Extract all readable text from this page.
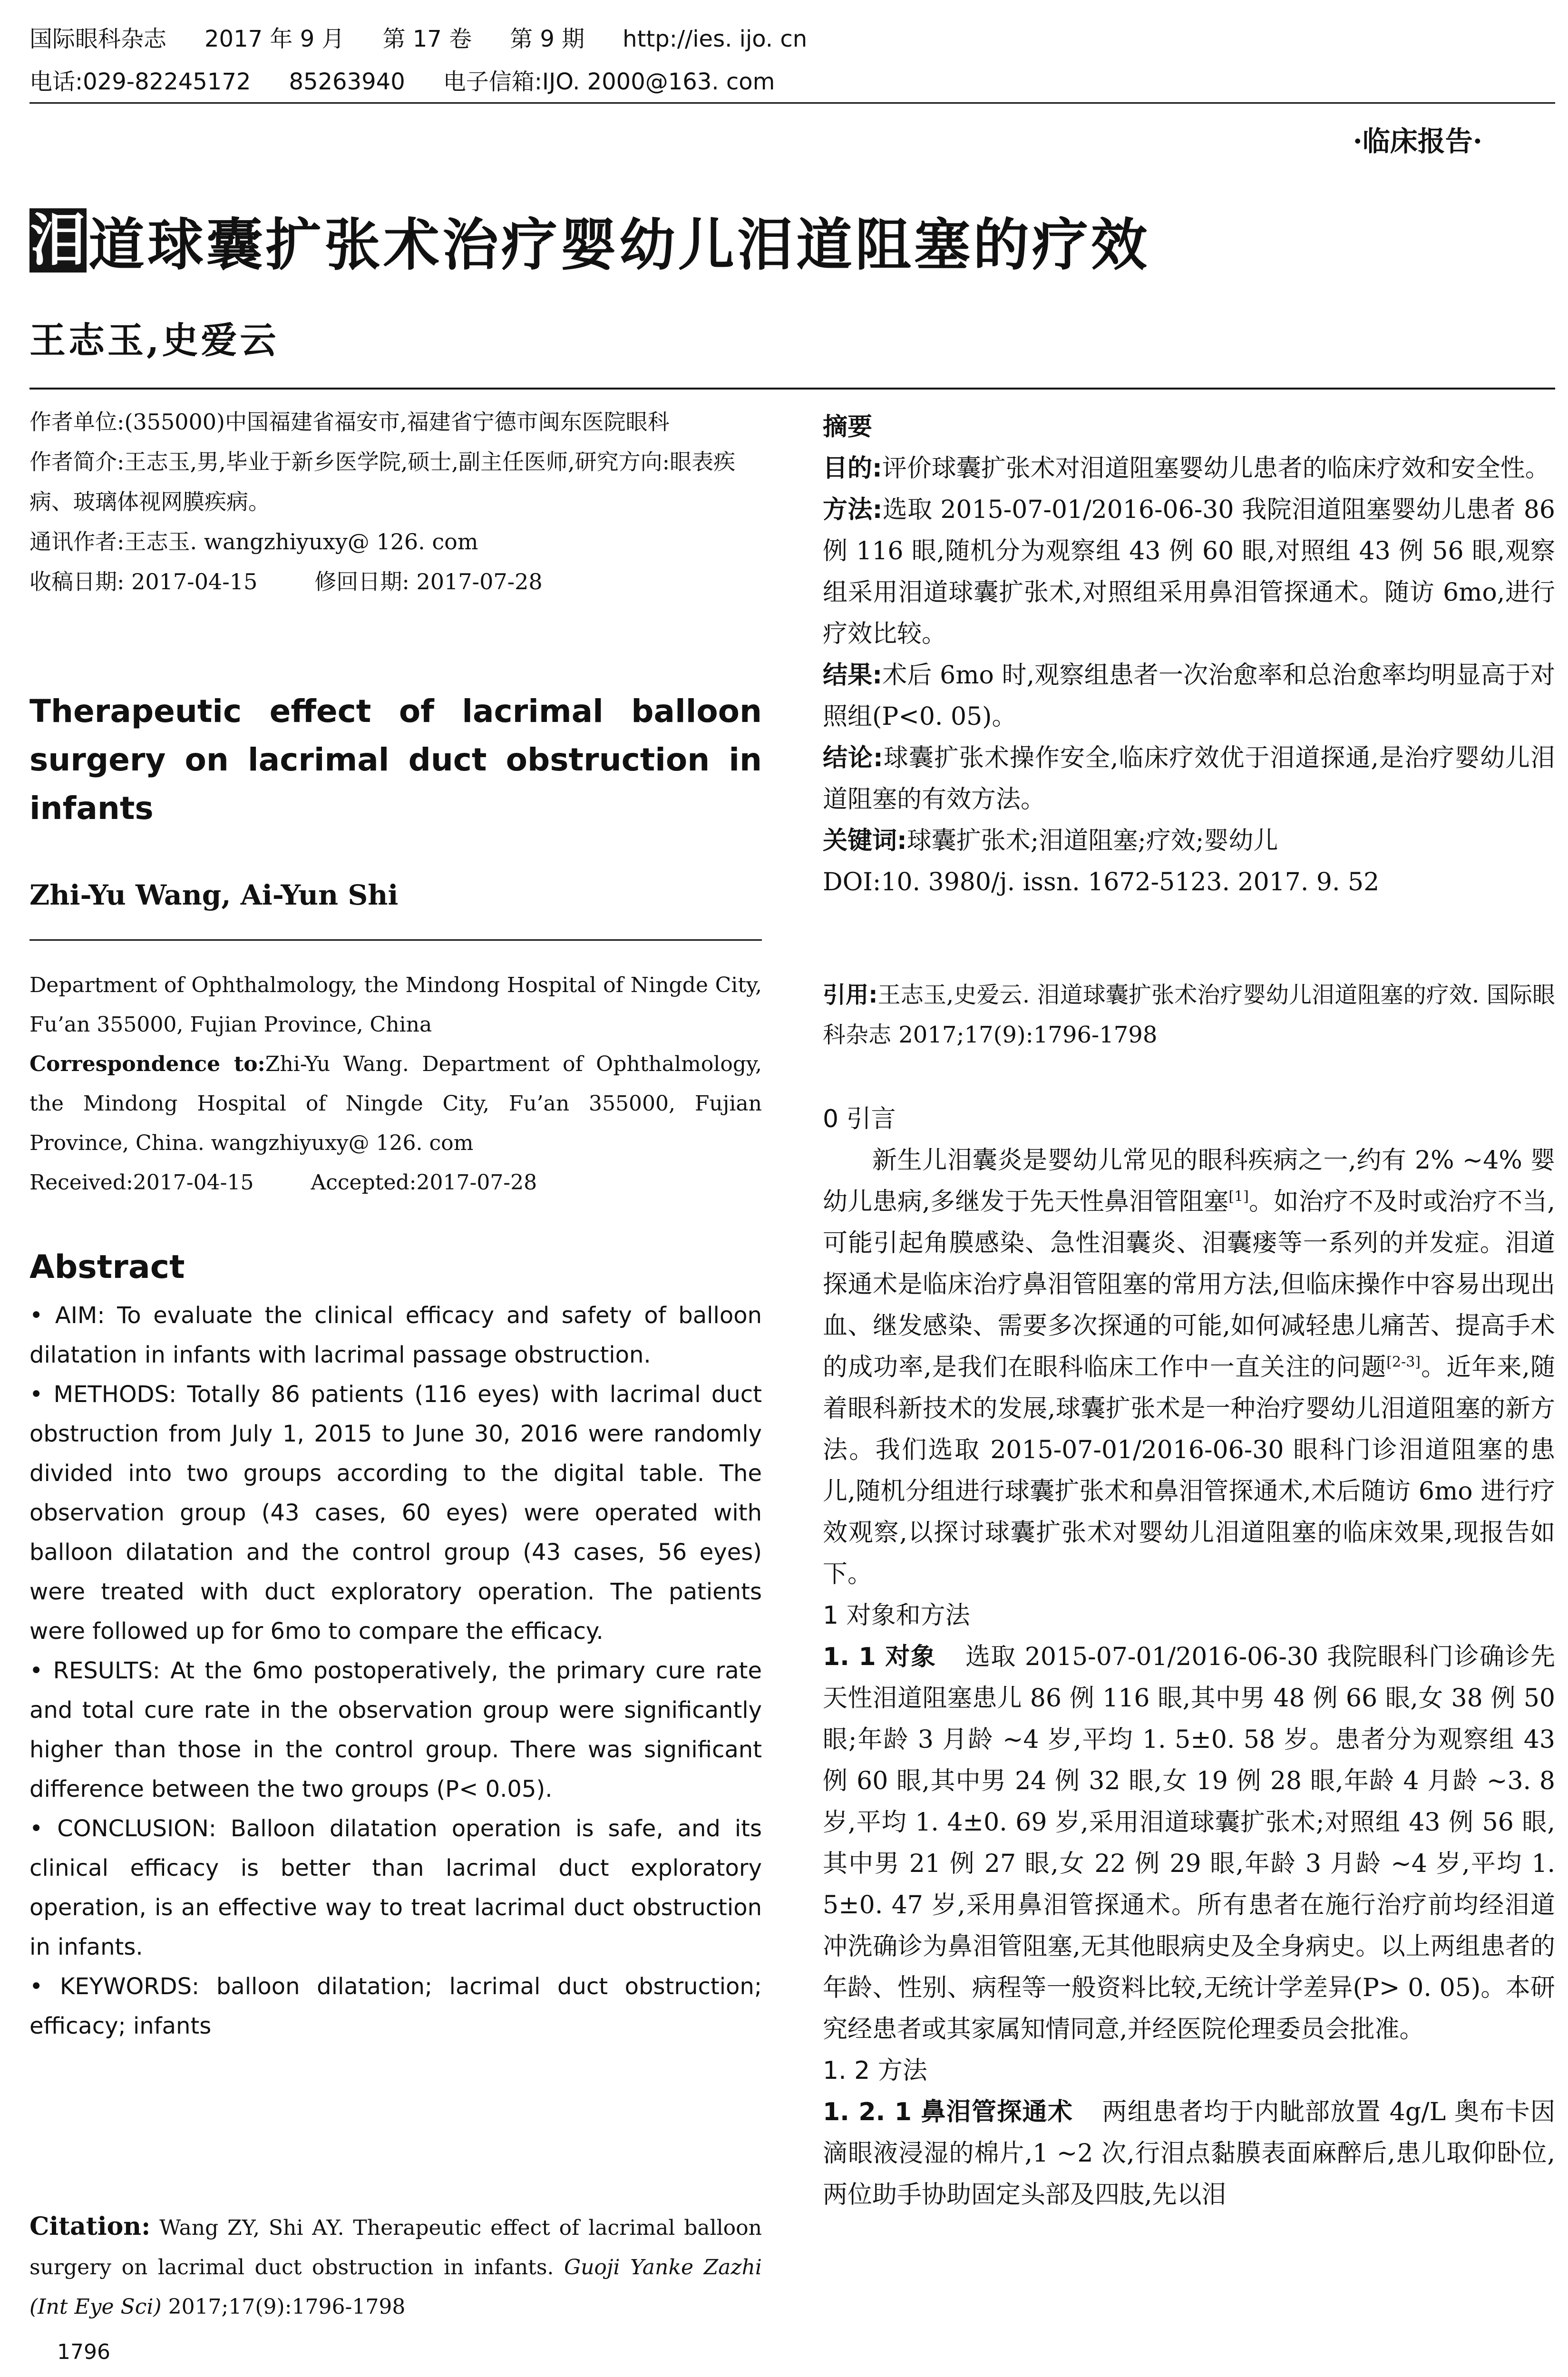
国际眼科杂志 2017 年 9 月 第 17 卷 第 9 期 http://ies. ijo. cn
电话:029-82245172 85263940 电子信箱:IJO. 2000@163. com
·临床报告·
泪 道球囊扩张术治疗婴幼儿泪道阻塞的疗效
王志玉,史爱云

作者单位:(355000)中国福建省福安市,福建省宁德市闽东医院眼科

作者简介:王志玉,男,毕业于新乡医学院,硕士,副主任医师,研究方向:眼表疾病、玻璃体视网膜疾病。

通讯作者:王志玉. wangzhiyuxy@ 126. com

收稿日期: 2017-04-15	修回日期: 2017-07-28

Therapeutic effect of lacrimal balloon surgery on lacrimal duct obstruction in infants
Zhi-Yu Wang, Ai-Yun Shi

Department of Ophthalmology, the Mindong Hospital of Ningde City, Fu’an 355000, Fujian Province, China

Correspondence to:Zhi-Yu Wang. Department of Ophthalmology, the Mindong Hospital of Ningde City, Fu’an 355000, Fujian Province, China. wangzhiyuxy@ 126. com

Received:2017-04-15	Accepted:2017-07-28

Abstract

• AIM: To evaluate the clinical efficacy and safety of balloon dilatation in infants with lacrimal passage obstruction.

• METHODS: Totally 86 patients (116 eyes) with lacrimal duct obstruction from July 1, 2015 to June 30, 2016 were randomly divided into two groups according to the digital table. The observation group (43 cases, 60 eyes) were operated with balloon dilatation and the control group (43 cases, 56 eyes) were treated with duct exploratory operation. The patients were followed up for 6mo to compare the efficacy.

• RESULTS: At the 6mo postoperatively, the primary cure rate and total cure rate in the observation group were significantly higher than those in the control group. There was significant difference between the two groups (P< 0.05).

• CONCLUSION: Balloon dilatation operation is safe, and its clinical efficacy is better than lacrimal duct exploratory operation, is an effective way to treat lacrimal duct obstruction in infants.

• KEYWORDS: balloon dilatation; lacrimal duct obstruction; efficacy; infants

Citation: Wang ZY, Shi AY. Therapeutic effect of lacrimal balloon surgery on lacrimal duct obstruction in infants. Guoji Yanke Zazhi (Int Eye Sci) 2017;17(9):1796-1798

1796

摘要

目的:评价球囊扩张术对泪道阻塞婴幼儿患者的临床疗效和安全性。

方法:选取 2015-07-01/2016-06-30 我院泪道阻塞婴幼儿患者 86 例 116 眼,随机分为观察组 43 例 60 眼,对照组 43 例 56 眼,观察组采用泪道球囊扩张术,对照组采用鼻泪管探通术。随访 6mo,进行疗效比较。

结果:术后 6mo 时,观察组患者一次治愈率和总治愈率均明显高于对照组(P<0. 05)。

结论:球囊扩张术操作安全,临床疗效优于泪道探通,是治疗婴幼儿泪道阻塞的有效方法。

关键词:球囊扩张术;泪道阻塞;疗效;婴幼儿

DOI:10. 3980/j. issn. 1672-5123. 2017. 9. 52

引用:王志玉,史爱云. 泪道球囊扩张术治疗婴幼儿泪道阻塞的疗效. 国际眼科杂志 2017;17(9):1796-1798

0 引言

新生儿泪囊炎是婴幼儿常见的眼科疾病之一,约有 2% ~4% 婴幼儿患病,多继发于先天性鼻泪管阻塞[1]。如治疗不及时或治疗不当,可能引起角膜感染、急性泪囊炎、泪囊瘘等一系列的并发症。泪道探通术是临床治疗鼻泪管阻塞的常用方法,但临床操作中容易出现出血、继发感染、需要多次探通的可能,如何减轻患儿痛苦、提高手术的成功率,是我们在眼科临床工作中一直关注的问题[2-3]。近年来,随着眼科新技术的发展,球囊扩张术是一种治疗婴幼儿泪道阻塞的新方法。我们选取 2015-07-01/2016-06-30 眼科门诊泪道阻塞的患儿,随机分组进行球囊扩张术和鼻泪管探通术,术后随访 6mo 进行疗效观察,以探讨球囊扩张术对婴幼儿泪道阻塞的临床效果,现报告如下。

1 对象和方法

1. 1 对象 选取 2015-07-01/2016-06-30 我院眼科门诊确诊先天性泪道阻塞患儿 86 例 116 眼,其中男 48 例 66 眼,女 38 例 50 眼;年龄 3 月龄 ~4 岁,平均 1. 5±0. 58 岁。患者分为观察组 43 例 60 眼,其中男 24 例 32 眼,女 19 例 28 眼,年龄 4 月龄 ~3. 8 岁,平均 1. 4±0. 69 岁,采用泪道球囊扩张术;对照组 43 例 56 眼,其中男 21 例 27 眼,女 22 例 29 眼,年龄 3 月龄 ~4 岁,平均 1. 5±0. 47 岁,采用鼻泪管探通术。所有患者在施行治疗前均经泪道冲洗确诊为鼻泪管阻塞,无其他眼病史及全身病史。以上两组患者的年龄、性别、病程等一般资料比较,无统计学差异(P> 0. 05)。本研究经患者或其家属知情同意,并经医院伦理委员会批准。

1. 2 方法

1. 2. 1 鼻泪管探通术 两组患者均于内眦部放置 4g/L 奥布卡因滴眼液浸湿的棉片,1 ~2 次,行泪点黏膜表面麻醉后,患儿取仰卧位,两位助手协助固定头部及四肢,先以泪
